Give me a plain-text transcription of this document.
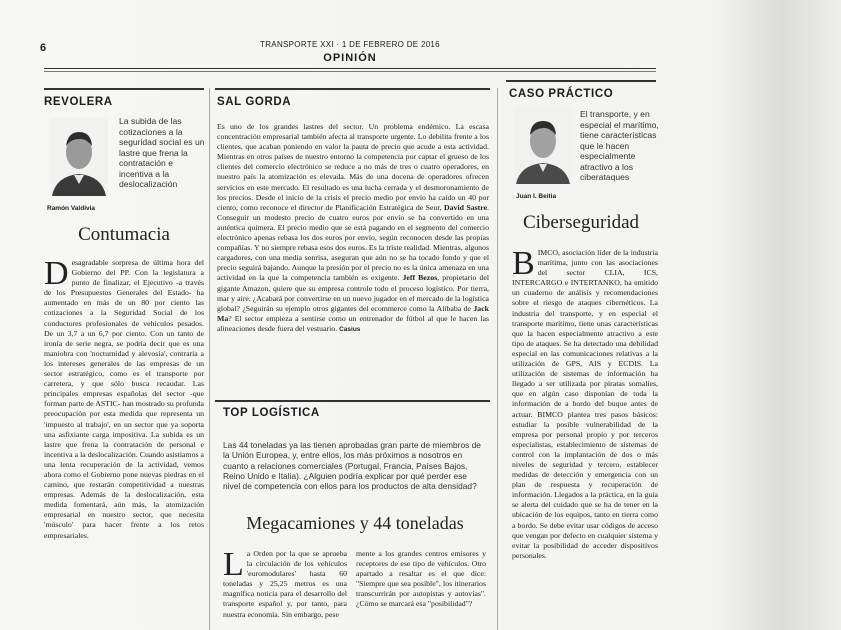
6	TRANSPORTE XXI · 1 DE FEBRERO DE 2016
OPINIÓN
REVOLERA
La subida de las cotizaciones a la seguridad social es un lastre que frena la contratación e incentiva a la deslocalización
Ramón Valdivia
Contumacia
Desagradable sorpresa de última hora del Gobierno del PP. Con la legislatura a punto de finalizar, el Ejecutivo -a través de los Presupuestos Generales del Estado- ha aumentado en más de un 80 por ciento las cotizaciones a la Seguridad Social de los conductores profesionales de vehículos pesados. De un 3,7 a un 6,7 por ciento. Con un tanto de ironía de serie negra, se podría decir que es una maniobra con 'nocturnidad y alevosía', contraria a los intereses generales de las empresas de un sector estratégico, como es el transporte por carretera, y que sólo busca recaudar. Las principales empresas españolas del sector -que forman parte de ASTIC- han mostrado su profunda preocupación por esta medida que representa un 'impuesto al trabajo', en un sector que ya soporta una asfixiante carga impositiva. La subida es un lastre que frena la contratación de personal e incentiva a la deslocalización. Cuando asistiamos a una lenta recuperación de la actividad, vemos ahora como el Gobierno pone nuevas piedras en el camino, que restarán competitividad a nuestras empresas. Además de la deslocalización, esta medida fomentará, aún más, la atomización empresarial en nuestro sector, que necesita 'músculo' para hacer frente a los retos empresariales.
SAL GORDA
Es uno de los grandes lastres del sector. Un problema endémico. La escasa concentración empresarial también afecta al transporte urgente. Lo debilita frente a los clientes, que acaban poniendo en valor la pauta de precio que acude a esta actividad. Mientras en otros países de nuestro entorno la competencia por captar el grueso de los clientes del comercio electrónico se reduce a no más de tres o cuatro operadores, en nuestro país la atomización es elevada. Más de una docena de operadores ofrecen servicios en este mercado. El resultado es una lucha cerrada y el desmoronamiento de los precios. Desde el inicio de la crisis el precio medio por envío ha caído un 40 por ciento, como reconoce el director de Planificación Estratégica de Seur, David Sastre. Conseguir un modesto precio de cuatro euros por envío se ha convertido en una auténtica quimera. El precio medio que se está pagando en el segmento del comercio electrónico apenas rebasa los dos euros por envío, según reconocen desde las propias compañías. Y no siempre rebasa esos dos euros. Es la triste realidad. Mientras, algunos cargadores, con una media sonrisa, aseguran que aún no se ha tocado fondo y que el precio seguirá bajando. Aunque la presión por el precio no es la única amenaza en una actividad en la que la competencia también es exigente. Jeff Bezos, propietario del gigante Amazon, quiere que su empresa controle todo el proceso logístico. Por tierra, mar y aire. ¿Acabará por convertirse en un nuevo jugador en el mercado de la logística global? ¿Seguirán su ejemplo otros gigantes del ecommerce como la Alibaba de Jack Ma? El sector empieza a sentirse como un entrenador de fútbol al que le hacen las alineaciones desde fuera del vestuario. Casius
TOP LOGÍSTICA
Las 44 toneladas ya las tienen aprobadas gran parte de miembros de la Unión Europea, y, entre ellos, los más próximos a nosotros en cuanto a relaciones comerciales (Portugal, Francia, Países Bajos, Reino Unido e Italia). ¿Alguien podría explicar por qué perder ese nivel de competencia con ellos para los productos de alta densidad?
Megacamiones y 44 toneladas
La Orden por la que se aprueba la circulación de los vehículos 'euromodulares' hasta 60 toneladas y 25,25 metros es una magnífica noticia para el desarrollo del transporte español y, por tanto, para nuestra economía. Sin embargo, pese
mente a los grandes centros emisores y receptores de ese tipo de vehículos. Otro apartado a resaltar es el que dice: "Siempre que sea posible", los itinerarios transcurrirán por autopistas y autovías". ¿Cómo se marcará esa "posibilidad"?
CASO PRÁCTICO
El transporte, y en especial el marítimo, tiene características que le hacen especialmente atractivo a los ciberataques
Juan I. Beitia
Ciberseguridad
BIMCO, asociación líder de la industria marítima, junto con las asociaciones del sector CLIA, ICS, INTERCARGO e INTERTANKO, ha emitido un cuaderno de análisis y recomendaciones sobre el riesgo de ataques cibernéticos. La industria del transporte, y en especial el transporte marítimo, tiene unas características que la hacen especialmente atractivo a este tipo de ataques. Se ha detectado una debilidad especial en las comunicaciones relativas a la utilización de GPS, AIS y ECDIS. La utilización de sistemas de información ha llegado a ser utilizada por piratas somalíes, que en algún caso disponían de toda la información de a bordo del buque antes de actuar. BIMCO plantea tres pasos básicos: estudiar la posible vulnerabilidad de la empresa por personal propio y por terceros especialistas, establecimiento de sistemas de control con la implantación de dos o más niveles de seguridad y tercero, establecer medidas de detección y emergencia con un plan de respuesta y recuperación de información. Llegados a la práctica, en la guía se alerta del cuidado que se ha de tener en la ubicación de los equipos, tanto en tierra como a bordo. Se debe evitar usar códigos de acceso que vengan por defecto en cualquier sistema y evitar la posibilidad de acceder dispositivos personales.
